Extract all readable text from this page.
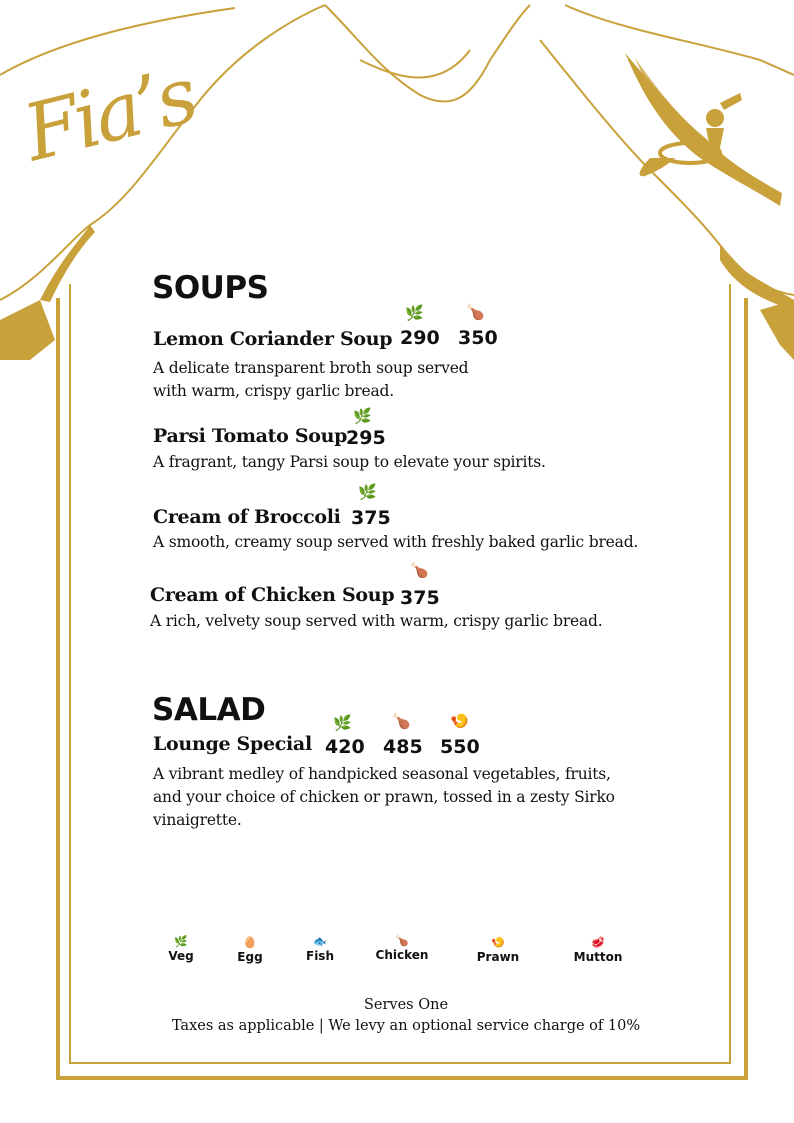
Fia’s
SOUPS
Lemon Coriander Soup
🌿
290
🍗
350
A delicate transparent broth soup served
with warm, crispy garlic bread.
Parsi Tomato Soup
🌿
295
A fragrant, tangy Parsi soup to elevate your spirits.
Cream of Broccoli
🌿
375
A smooth, creamy soup served with freshly baked garlic bread.
Cream of Chicken Soup
🍗
375
A rich, velvety soup served with warm, crispy garlic bread.
SALAD
Lounge Special
🌿
420
🍗
485
🍤
550
A vibrant medley of handpicked seasonal vegetables, fruits,
and your choice of chicken or prawn, tossed in a zesty Sirko
vinaigrette.
🌿
Veg
🥚
Egg
🐟
Fish
🍗
Chicken
🍤
Prawn
🥩
Mutton
Serves One
Taxes as applicable | We levy an optional service charge of 10%
